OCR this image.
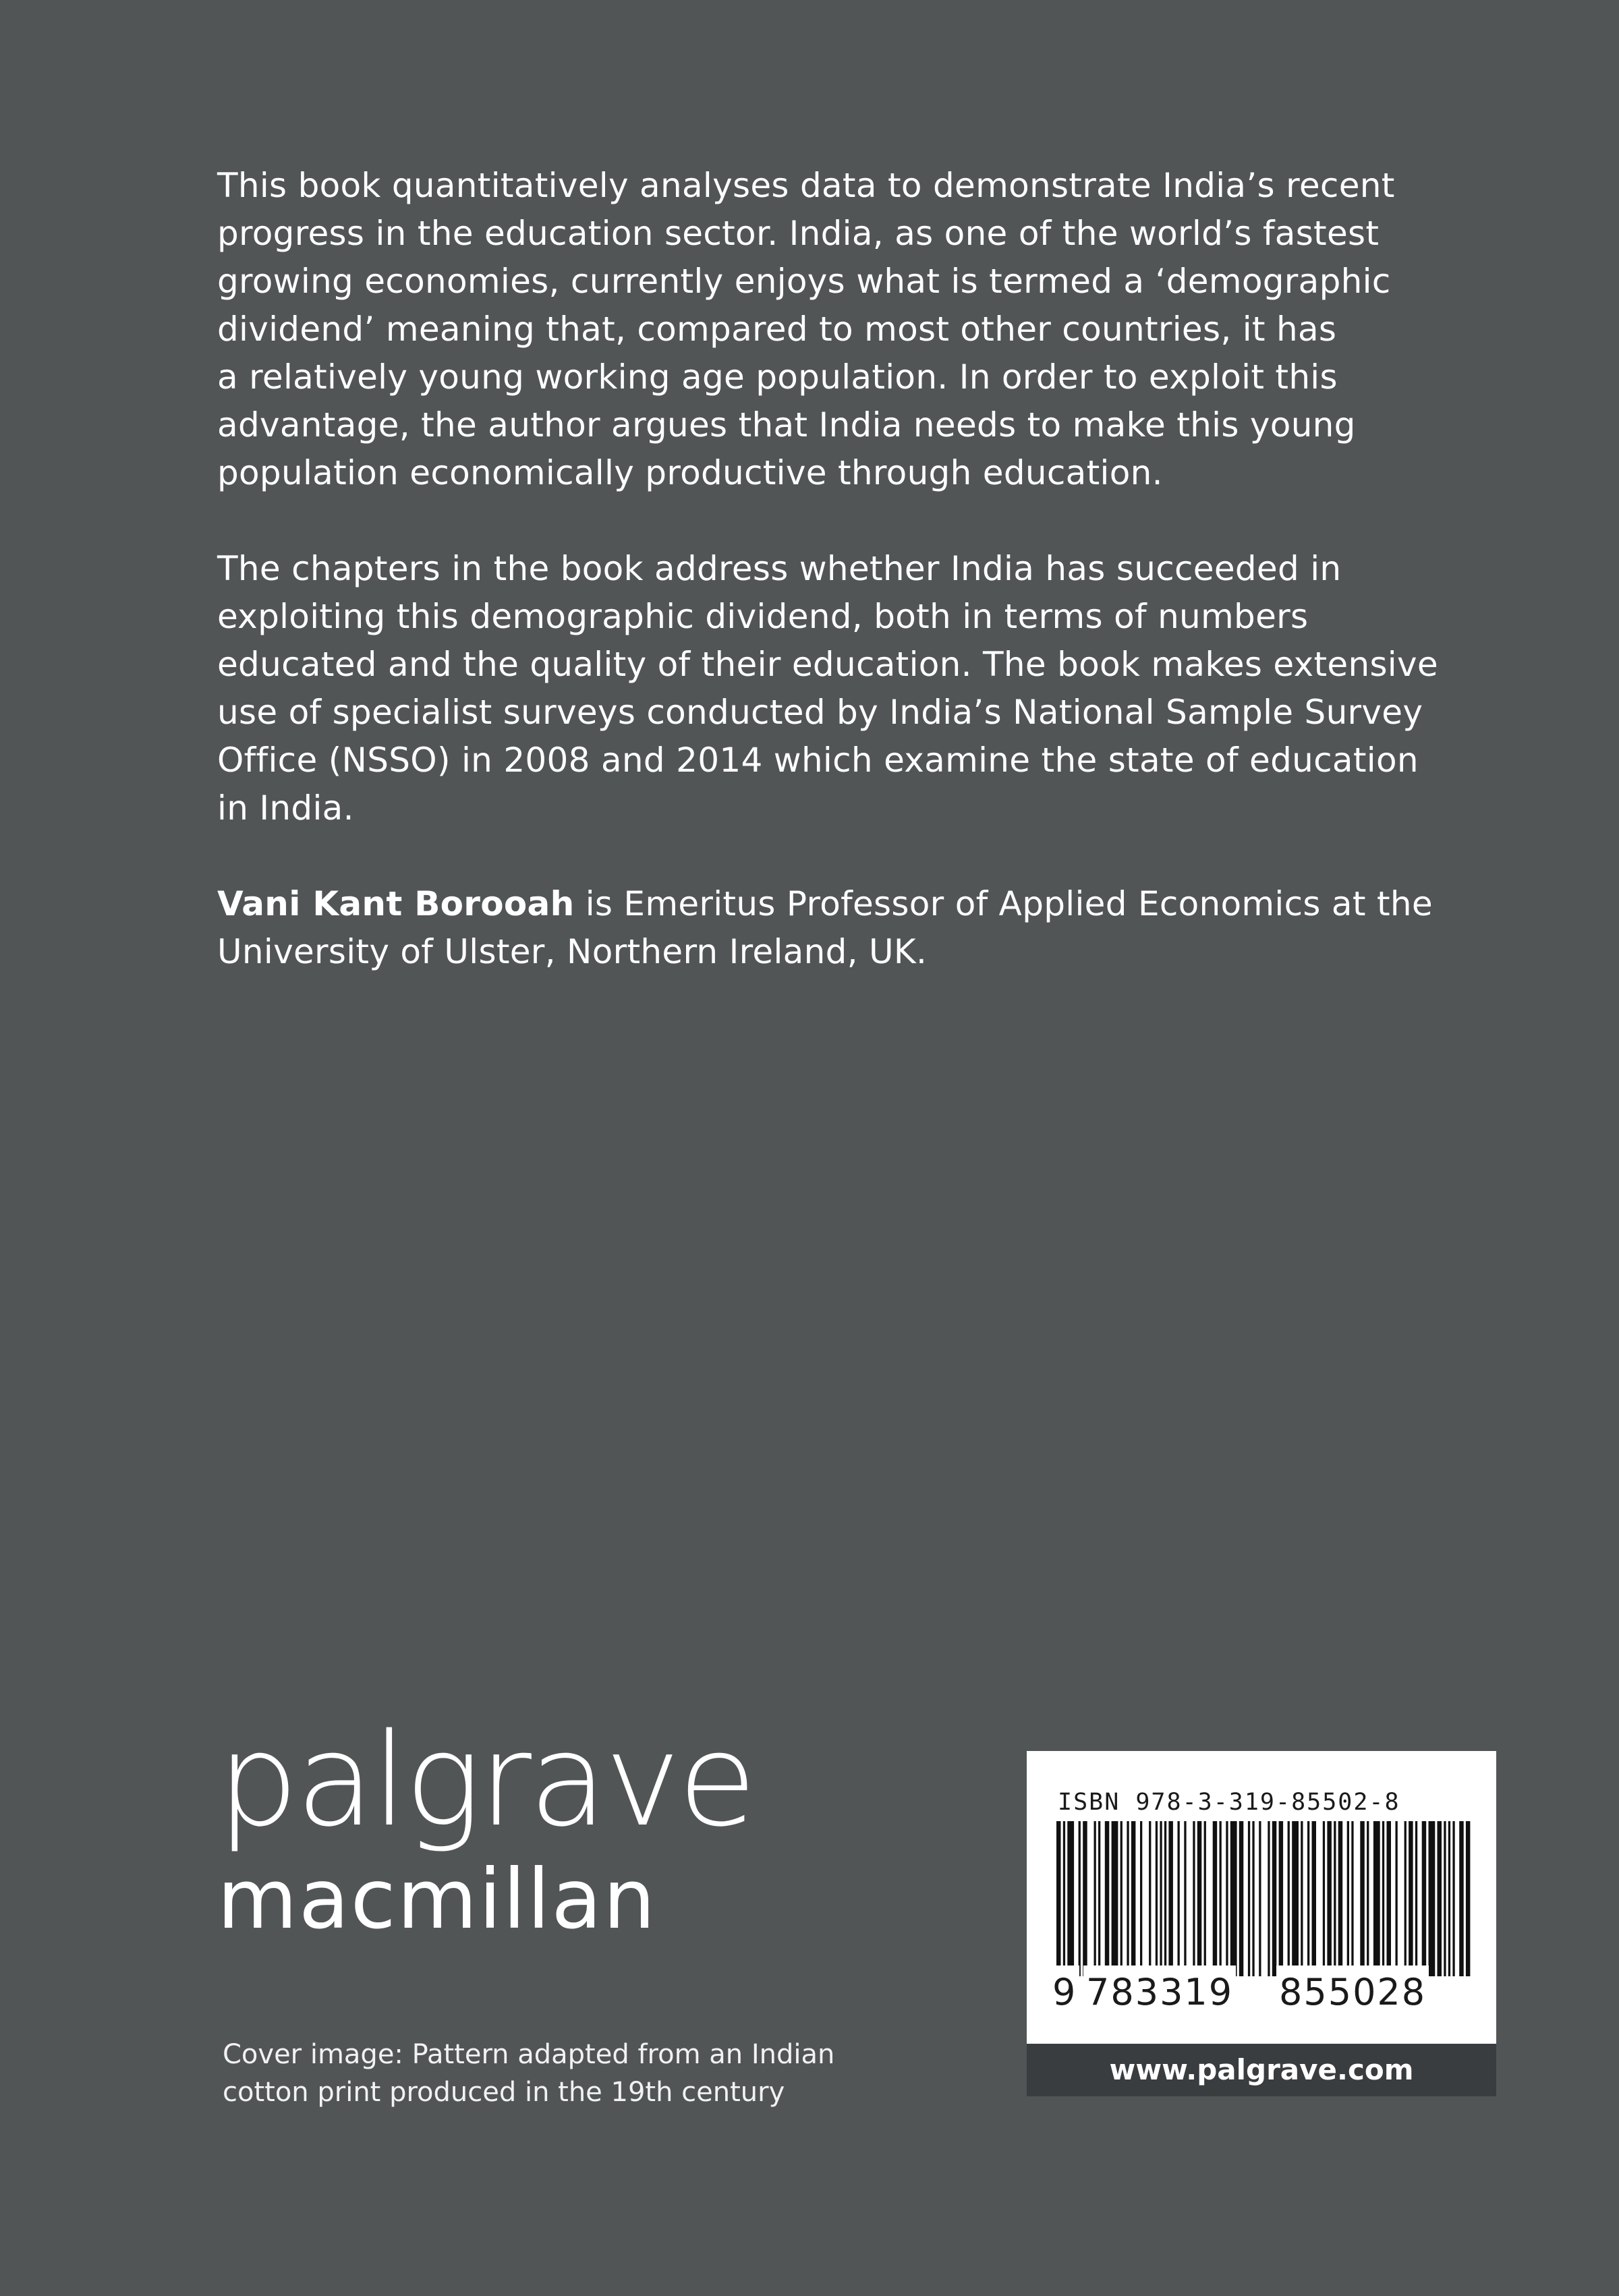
This book quantitatively analyses data to demonstrate India’s recent
progress in the education sector. India, as one of the world’s fastest
growing economies, currently enjoys what is termed a ‘demographic
dividend’ meaning that, compared to most other countries, it has
a relatively young working age population. In order to exploit this
advantage, the author argues that India needs to make this young
population economically productive through education.

The chapters in the book address whether India has succeeded in
exploiting this demographic dividend, both in terms of numbers
educated and the quality of their education. The book makes extensive
use of specialist surveys conducted by India’s National Sample Survey
Office (NSSO) in 2008 and 2014 which examine the state of education
in India.

Vani Kant Borooah is Emeritus Professor of Applied Economics at the
University of Ulster, Northern Ireland, UK.

palgrave
macmillan
Cover image: Pattern adapted from an Indian
cotton print produced in the 19th century
ISBN 978-3-319-85502-8
9 783319 855028
www.palgrave.com
